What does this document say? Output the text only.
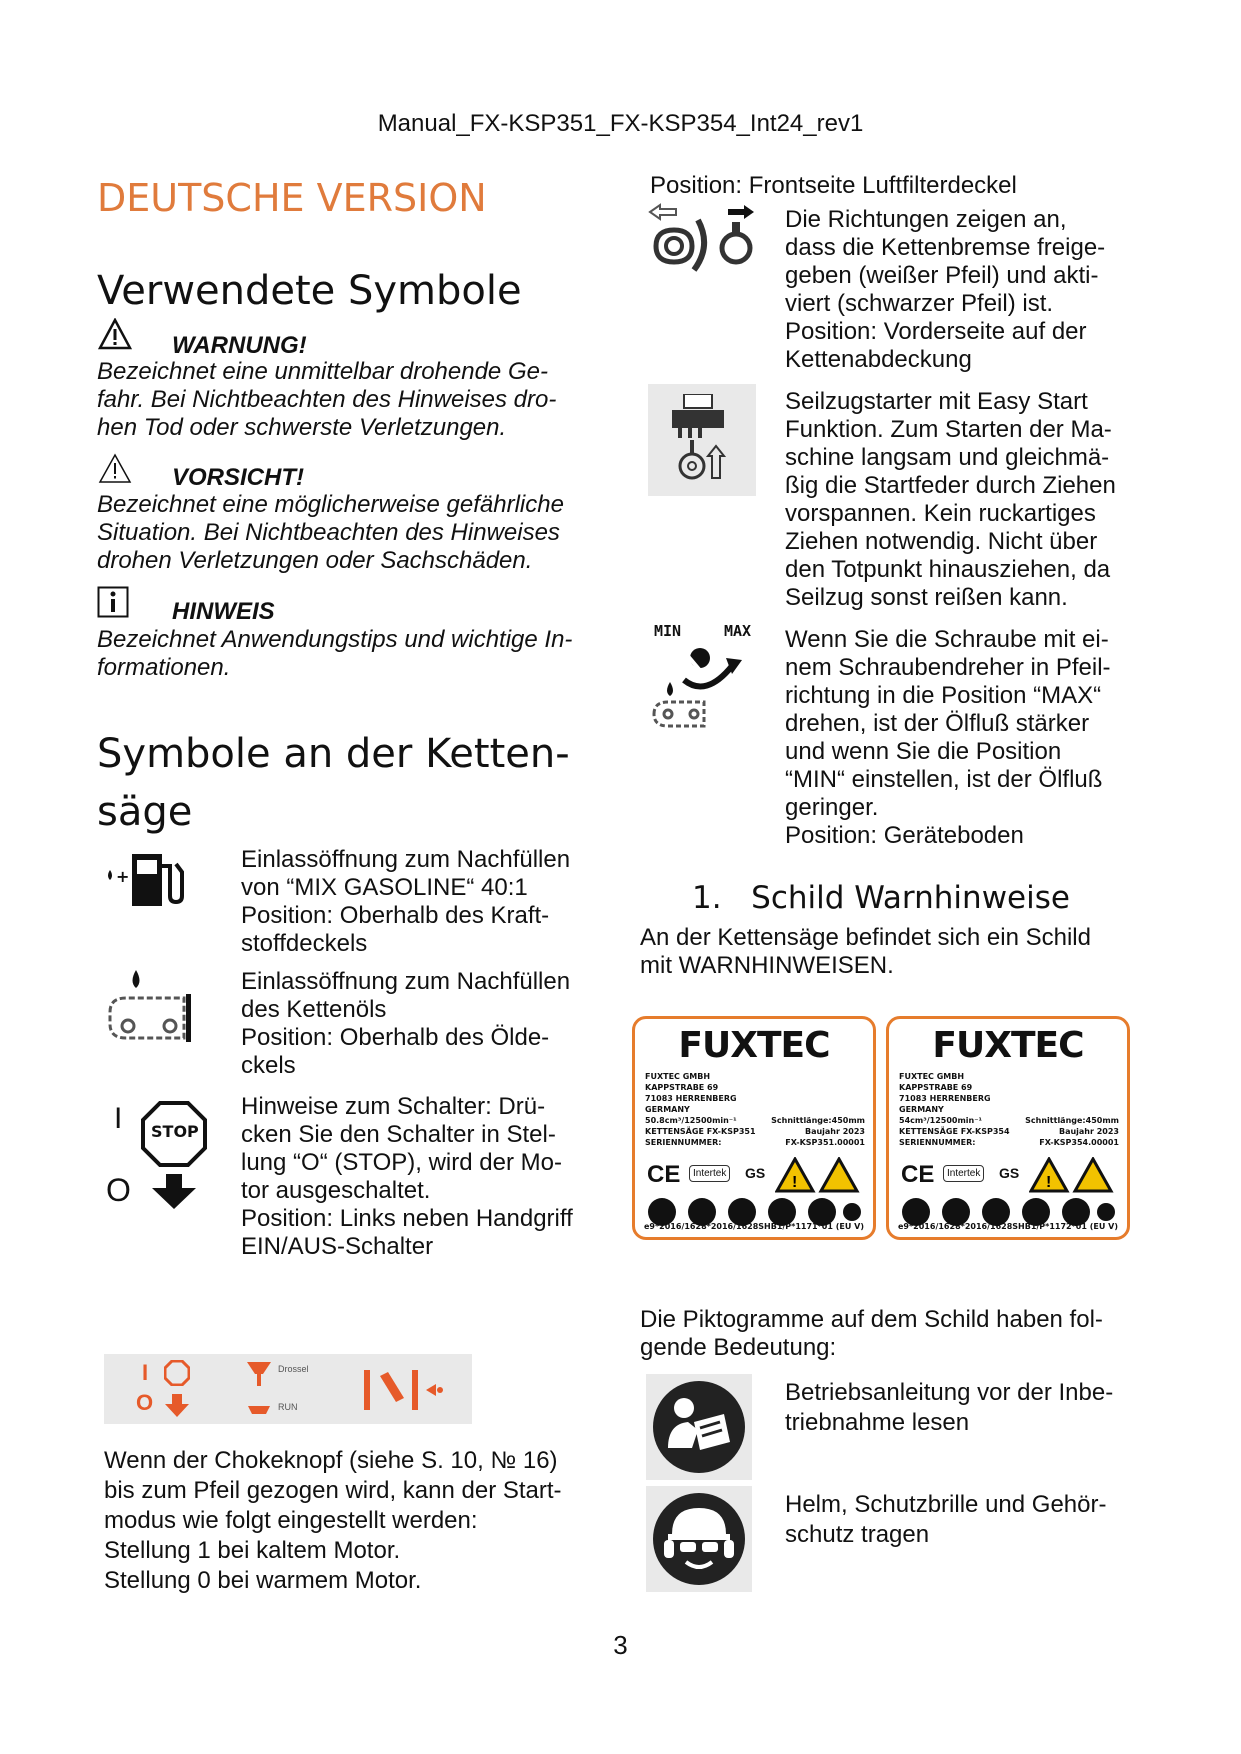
Manual_FX-KSP351_FX-KSP354_Int24_rev1
DEUTSCHE VERSION
Verwendete Symbole
WARNUNG!
Bezeichnet eine unmittelbar drohende Ge-
fahr. Bei Nichtbeachten des Hinweises dro-
hen Tod oder schwerste Verletzungen.
VORSICHT!
Bezeichnet eine möglicherweise gefährliche
Situation. Bei Nichtbeachten des Hinweises
drohen Verletzungen oder Sachschäden.
HINWEIS
Bezeichnet Anwendungstips und wichtige In-
formationen.
Symbole an der Ketten-
säge
+
Einlassöffnung zum Nachfüllen
von “MIX GASOLINE“ 40:1
Position: Oberhalb des Kraft-
stoffdeckels
Einlassöffnung zum Nachfüllen
des Kettenöls
Position: Oberhalb des Ölde-
ckels
I STOP
O
Hinweise zum Schalter: Drü-
cken Sie den Schalter in Stel-
lung “O“ (STOP), wird der Mo-
tor ausgeschaltet.
Position: Links neben Handgriff
EIN/AUS-Schalter
I
O
Drossel
RUN
Wenn der Chokeknopf (siehe S. 10, № 16)
bis zum Pfeil gezogen wird, kann der Start-
modus wie folgt eingestellt werden:
Stellung 1 bei kaltem Motor.
Stellung 0 bei warmem Motor.
Position: Frontseite Luftfilterdeckel
Die Richtungen zeigen an,
dass die Kettenbremse freige-
geben (weißer Pfeil) und akti-
viert (schwarzer Pfeil) ist.
Position: Vorderseite auf der
Kettenabdeckung
Seilzugstarter mit Easy Start
Funktion. Zum Starten der Ma-
schine langsam und gleichmä-
ßig die Startfeder durch Ziehen
vorspannen. Kein ruckartiges
Ziehen notwendig. Nicht über
den Totpunkt hinausziehen, da
Seilzug sonst reißen kann.
MIN	MAX Wenn Sie die Schraube mit ei-
nem Schraubendreher in Pfeil-
richtung in die Position “MAX“
drehen, ist der Ölfluß stärker
und wenn Sie die Position
“MIN“ einstellen, ist der Ölfluß
geringer.
Position: Geräteboden
1. Schild Warnhinweise
An der Kettensäge befindet sich ein Schild
mit WARNHINWEISEN.
FUXTEC
FUXTEC GMBH
KAPPSTRABE 69
71083 HERRENBERG
GERMANY
50.8cm³/12500min⁻¹
KETTENSÄGE FX-KSP351
SERIENNUMMER:
Schnittlänge:450mm
Baujahr 2023
FX-KSP351.00001
CE	Intertek GS
!
e9*2016/1628*2016/1628SHB1/P*1171*01 (EU V)
FUXTEC
FUXTEC GMBH
KAPPSTRABE 69
71083 HERRENBERG
GERMANY
54cm³/12500min⁻¹
KETTENSÄGE FX-KSP354
SERIENNUMMER:
Schnittlänge:450mm
Baujahr 2023
FX-KSP354.00001
CE	Intertek GS
!
e9*2016/1628*2016/1628SHB1/P*1172*01 (EU V)
Die Piktogramme auf dem Schild haben fol-
gende Bedeutung:
Betriebsanleitung vor der Inbe-
triebnahme lesen
Helm, Schutzbrille und Gehör-
schutz tragen
3
